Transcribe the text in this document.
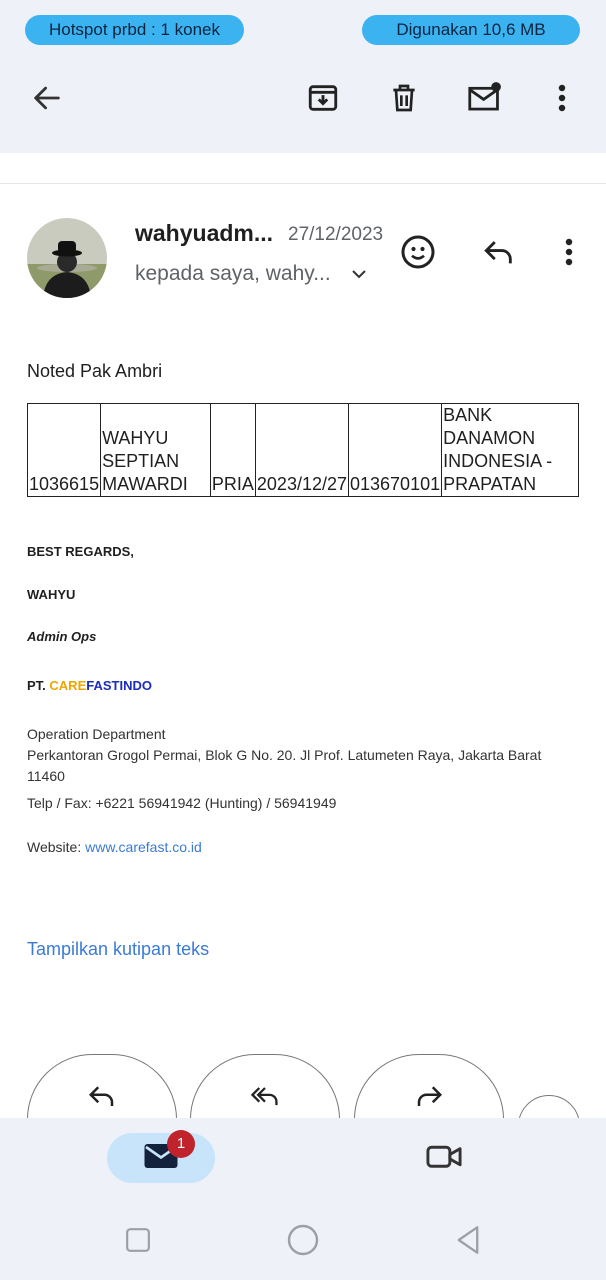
Hotspot prbd : 1 konek	Digunakan 10,6 MB
wahyuadm... 27/12/2023
kepada saya, wahy...
Noted Pak Ambri
1036615	WAHYU SEPTIAN MAWARDI	PRIA	2023/12/27	013670101	BANK DANAMON INDONESIA - PRAPATAN
BEST REGARDS,
WAHYU
Admin Ops
PT. CAREFASTINDO
Operation Department
Perkantoran Grogol Permai, Blok G No. 20. Jl Prof. Latumeten Raya, Jakarta Barat 11460
Telp / Fax: +6221 56941942 (Hunting) / 56941949
Website: www.carefast.co.id
Tampilkan kutipan teks
1
